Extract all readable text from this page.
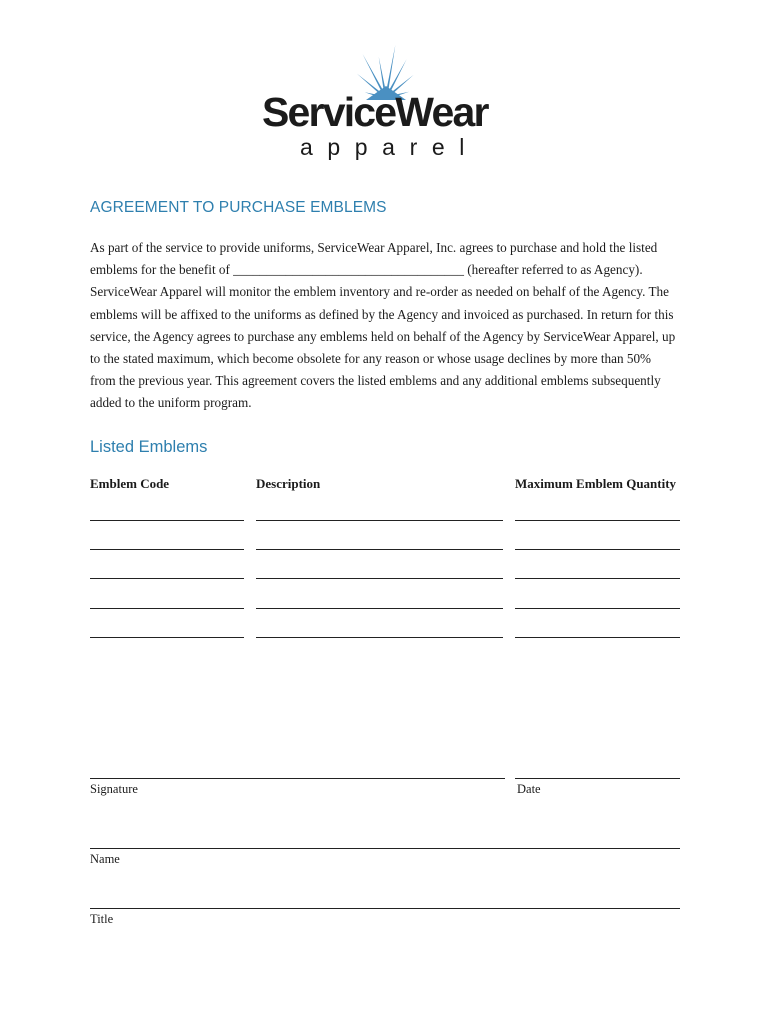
ServiceWear
apparel
AGREEMENT TO PURCHASE EMBLEMS
As part of the service to provide uniforms, ServiceWear Apparel, Inc. agrees to purchase and hold the listed
emblems for the benefit of ___________________________________ (hereafter referred to as Agency).
ServiceWear Apparel will monitor the emblem inventory and re-order as needed on behalf of the Agency. The
emblems will be affixed to the uniforms as defined by the Agency and invoiced as purchased. In return for this
service, the Agency agrees to purchase any emblems held on behalf of the Agency by ServiceWear Apparel, up
to the stated maximum, which become obsolete for any reason or whose usage declines by more than 50%
from the previous year. This agreement covers the listed emblems and any additional emblems subsequently
added to the uniform program.
Listed Emblems
Emblem Code	Description	Maximum Emblem Quantity
Signature	Date
Name
Title
